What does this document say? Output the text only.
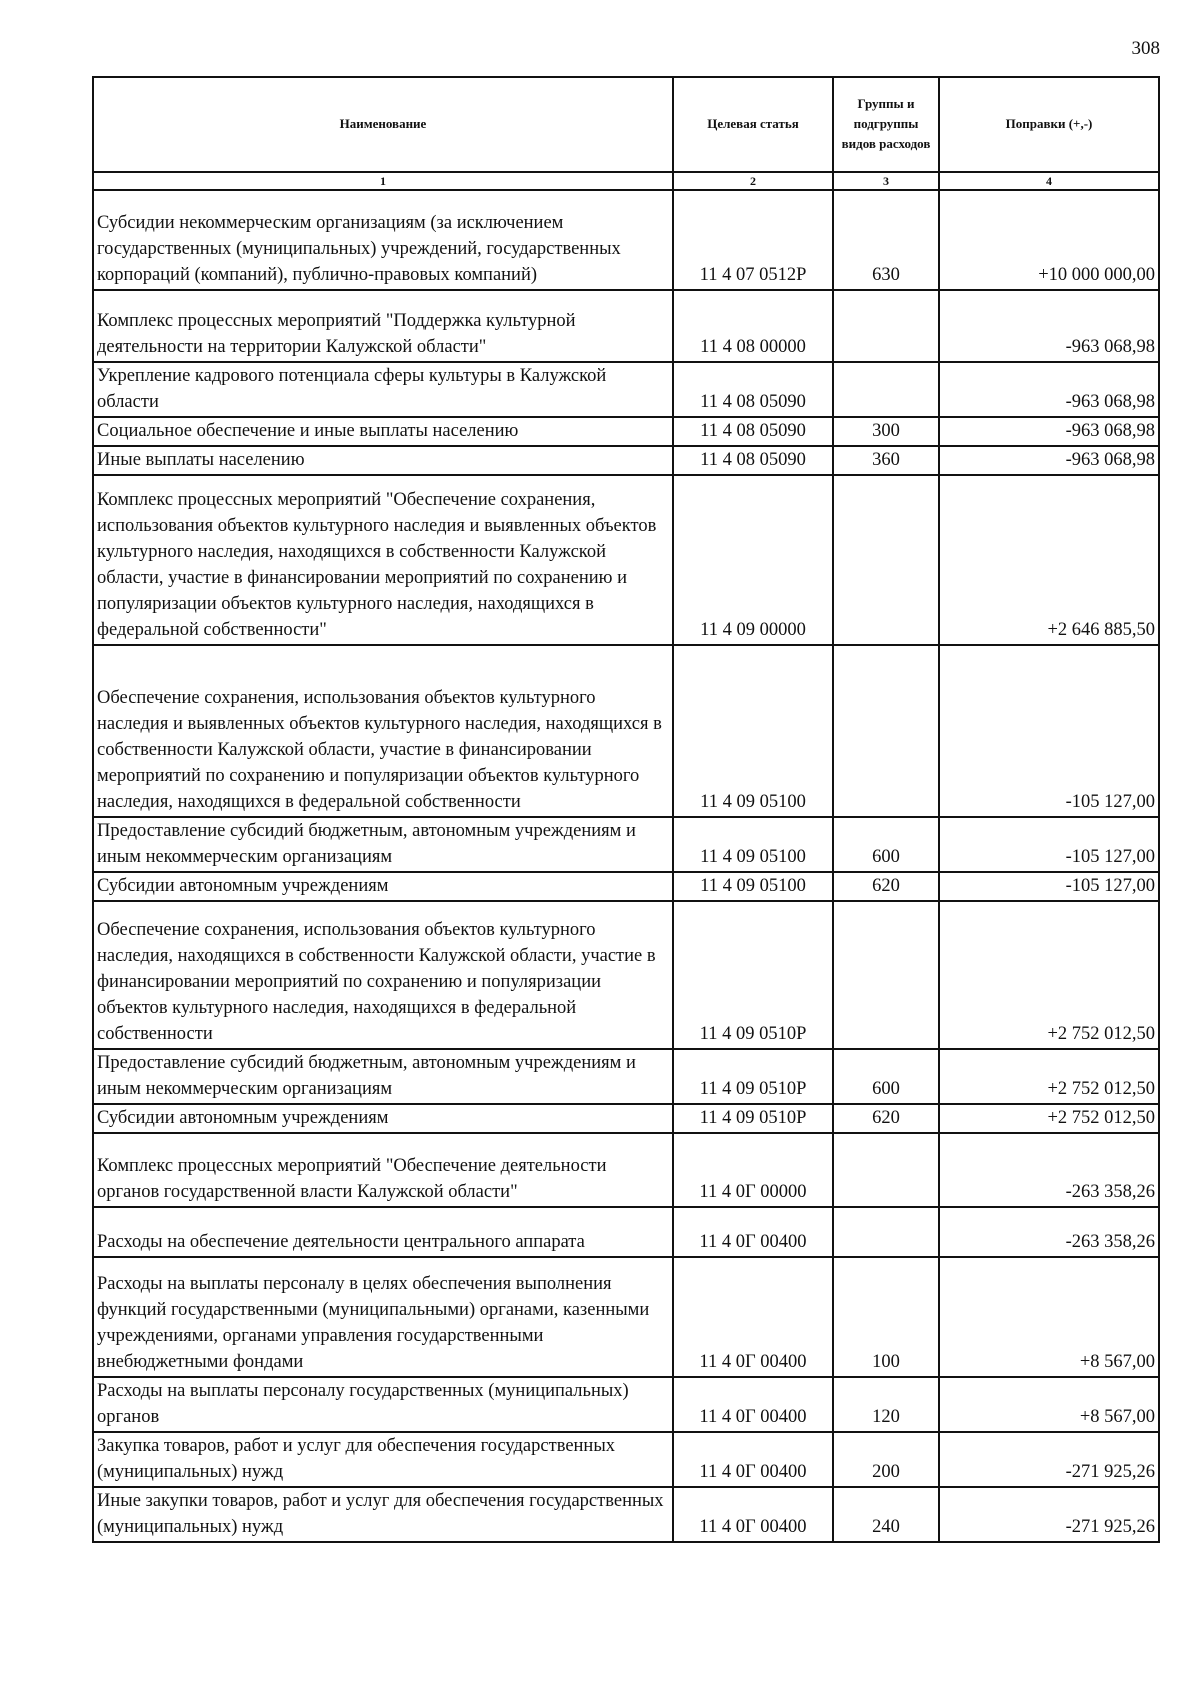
308
Наименование	Целевая статья	Группы и подгруппы видов расходов	Поправки (+,-)
1	2	3	4
Субсидии некоммерческим организациям (за исключением государственных (муниципальных) учреждений, государственных корпораций (компаний), публично-правовых компаний)	11 4 07 0512Р	630	+10 000 000,00
Комплекс процессных мероприятий "Поддержка культурной деятельности на территории Калужской области"	11 4 08 00000		-963 068,98
Укрепление кадрового потенциала сферы культуры в Калужской области	11 4 08 05090		-963 068,98
Социальное обеспечение и иные выплаты населению	11 4 08 05090	300	-963 068,98
Иные выплаты населению	11 4 08 05090	360	-963 068,98
Комплекс процессных мероприятий "Обеспечение сохранения, использования объектов культурного наследия и выявленных объектов культурного наследия, находящихся в собственности Калужской области, участие в финансировании мероприятий по сохранению и популяризации объектов культурного наследия, находящихся в федеральной собственности"	11 4 09 00000		+2 646 885,50
Обеспечение сохранения, использования объектов культурного наследия и выявленных объектов культурного наследия, находящихся в собственности Калужской области, участие в финансировании мероприятий по сохранению и популяризации объектов культурного наследия, находящихся в федеральной собственности	11 4 09 05100		-105 127,00
Предоставление субсидий бюджетным, автономным учреждениям и иным некоммерческим организациям	11 4 09 05100	600	-105 127,00
Субсидии автономным учреждениям	11 4 09 05100	620	-105 127,00
Обеспечение сохранения, использования объектов культурного наследия, находящихся в собственности Калужской области, участие в финансировании мероприятий по сохранению и популяризации объектов культурного наследия, находящихся в федеральной собственности	11 4 09 0510Р		+2 752 012,50
Предоставление субсидий бюджетным, автономным учреждениям и иным некоммерческим организациям	11 4 09 0510Р	600	+2 752 012,50
Субсидии автономным учреждениям	11 4 09 0510Р	620	+2 752 012,50
Комплекс процессных мероприятий "Обеспечение деятельности органов государственной власти Калужской области"	11 4 0Г 00000		-263 358,26
Расходы на обеспечение деятельности центрального аппарата	11 4 0Г 00400		-263 358,26
Расходы на выплаты персоналу в целях обеспечения выполнения функций государственными (муниципальными) органами, казенными учреждениями, органами управления государственными внебюджетными фондами	11 4 0Г 00400	100	+8 567,00
Расходы на выплаты персоналу государственных (муниципальных) органов	11 4 0Г 00400	120	+8 567,00
Закупка товаров, работ и услуг для обеспечения государственных (муниципальных) нужд	11 4 0Г 00400	200	-271 925,26
Иные закупки товаров, работ и услуг для обеспечения государственных (муниципальных) нужд	11 4 0Г 00400	240	-271 925,26
